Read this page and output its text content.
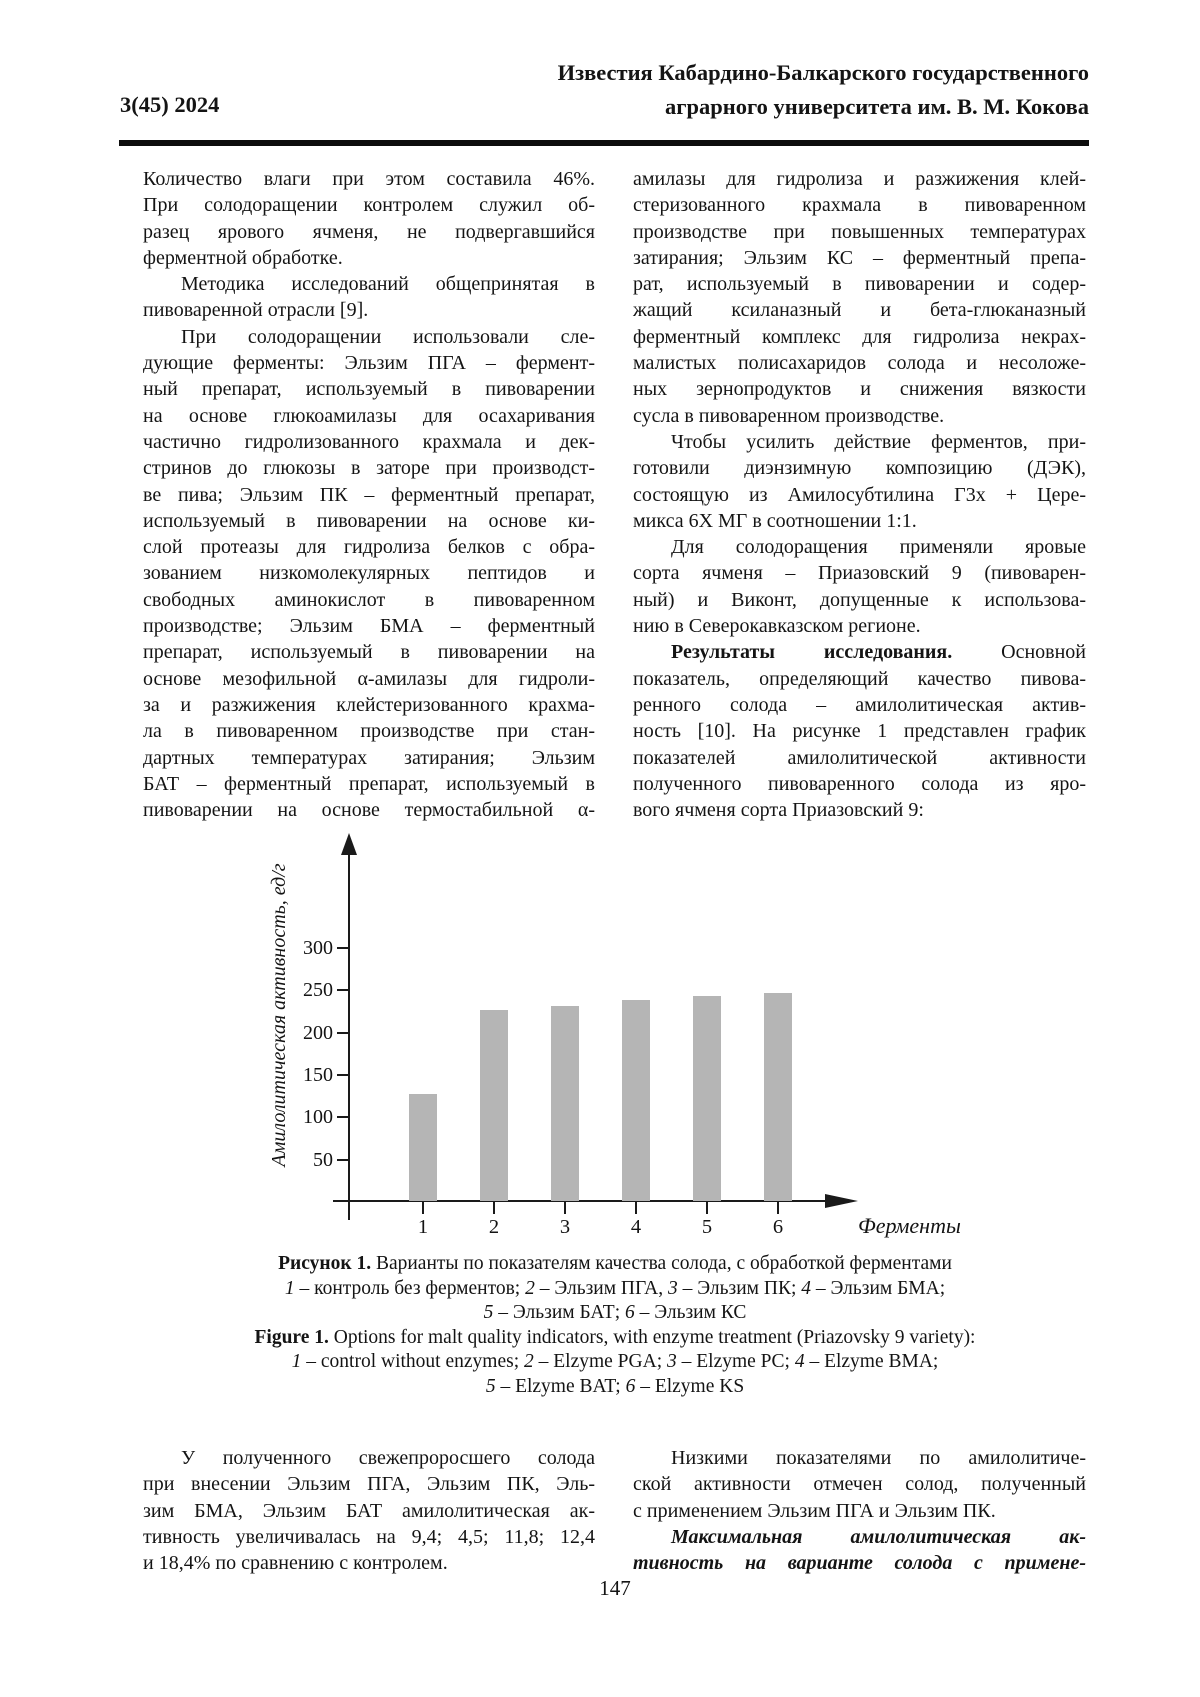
3(45) 2024
Известия Кабардино-Балкарского государственного
аграрного университета им. В. М. Кокова
Количество влаги при этом составила 46%.
При солодоращении контролем служил об-
разец ярового ячменя, не подвергавшийся
ферментной обработке.
Методика исследований общепринятая в
пивоваренной отрасли [9].
При солодоращении использовали сле-
дующие ферменты: Эльзим ПГА – фермент-
ный препарат, используемый в пивоварении
на основе глюкоамилазы для осахаривания
частично гидролизованного крахмала и дек-
стринов до глюкозы в заторе при производст-
ве пива; Эльзим ПК – ферментный препарат,
используемый в пивоварении на основе ки-
слой протеазы для гидролиза белков с обра-
зованием низкомолекулярных пептидов и
свободных аминокислот в пивоваренном
производстве; Эльзим БМА – ферментный
препарат, используемый в пивоварении на
основе мезофильной α-амилазы для гидроли-
за и разжижения клейстеризованного крахма-
ла в пивоваренном производстве при стан-
дартных температурах затирания; Эльзим
БАТ – ферментный препарат, используемый в
пивоварении на основе термостабильной α-
амилазы для гидролиза и разжижения клей-
стеризованного крахмала в пивоваренном
производстве при повышенных температурах
затирания; Эльзим КС – ферментный препа-
рат, используемый в пивоварении и содер-
жащий ксиланазный и бета-глюканазный
ферментный комплекс для гидролиза некрах-
малистых полисахаридов солода и несоложе-
ных зернопродуктов и снижения вязкости
сусла в пивоваренном производстве.
Чтобы усилить действие ферментов, при-
готовили диэнзимную композицию (ДЭК),
состоящую из Амилосубтилина Г3х + Цере-
микса 6Х МГ в соотношении 1:1.
Для солодоращения применяли яровые
сорта ячменя – Приазовский 9 (пивоварен-
ный) и Виконт, допущенные к использова-
нию в Северокавказском регионе.
Результаты исследования. Основной
показатель, определяющий качество пивова-
ренного солода – амилолитическая актив-
ность [10]. На рисунке 1 представлен график
показателей амилолитической активности
полученного пивоваренного солода из яро-
вого ячменя сорта Приазовский 9:
Амилолитическая активность, ед/г
Ферменты
50
100
150
200
250
300
1	2	3	4	5	6
Рисунок 1. Варианты по показателям качества солода, с обработкой ферментами
1 – контроль без ферментов; 2 – Эльзим ПГА, 3 – Эльзим ПК; 4 – Эльзим БМА;
5 – Эльзим БАТ; 6 – Эльзим КС
Figure 1. Options for malt quality indicators, with enzyme treatment (Priazovsky 9 variety):
1 – control without enzymes; 2 – Elzyme PGA; 3 – Elzyme PC; 4 – Elzyme BMA;
5 – Elzyme BAT; 6 – Elzyme KS
У полученного свежепроросшего солода
при внесении Эльзим ПГА, Эльзим ПК, Эль-
зим БМА, Эльзим БАТ амилолитическая ак-
тивность увеличивалась на 9,4; 4,5; 11,8; 12,4
и 18,4% по сравнению с контролем.
Низкими показателями по амилолитиче-
ской активности отмечен солод, полученный
с применением Эльзим ПГА и Эльзим ПК.
Максимальная амилолитическая ак-
тивность на варианте солода с примене-
147
